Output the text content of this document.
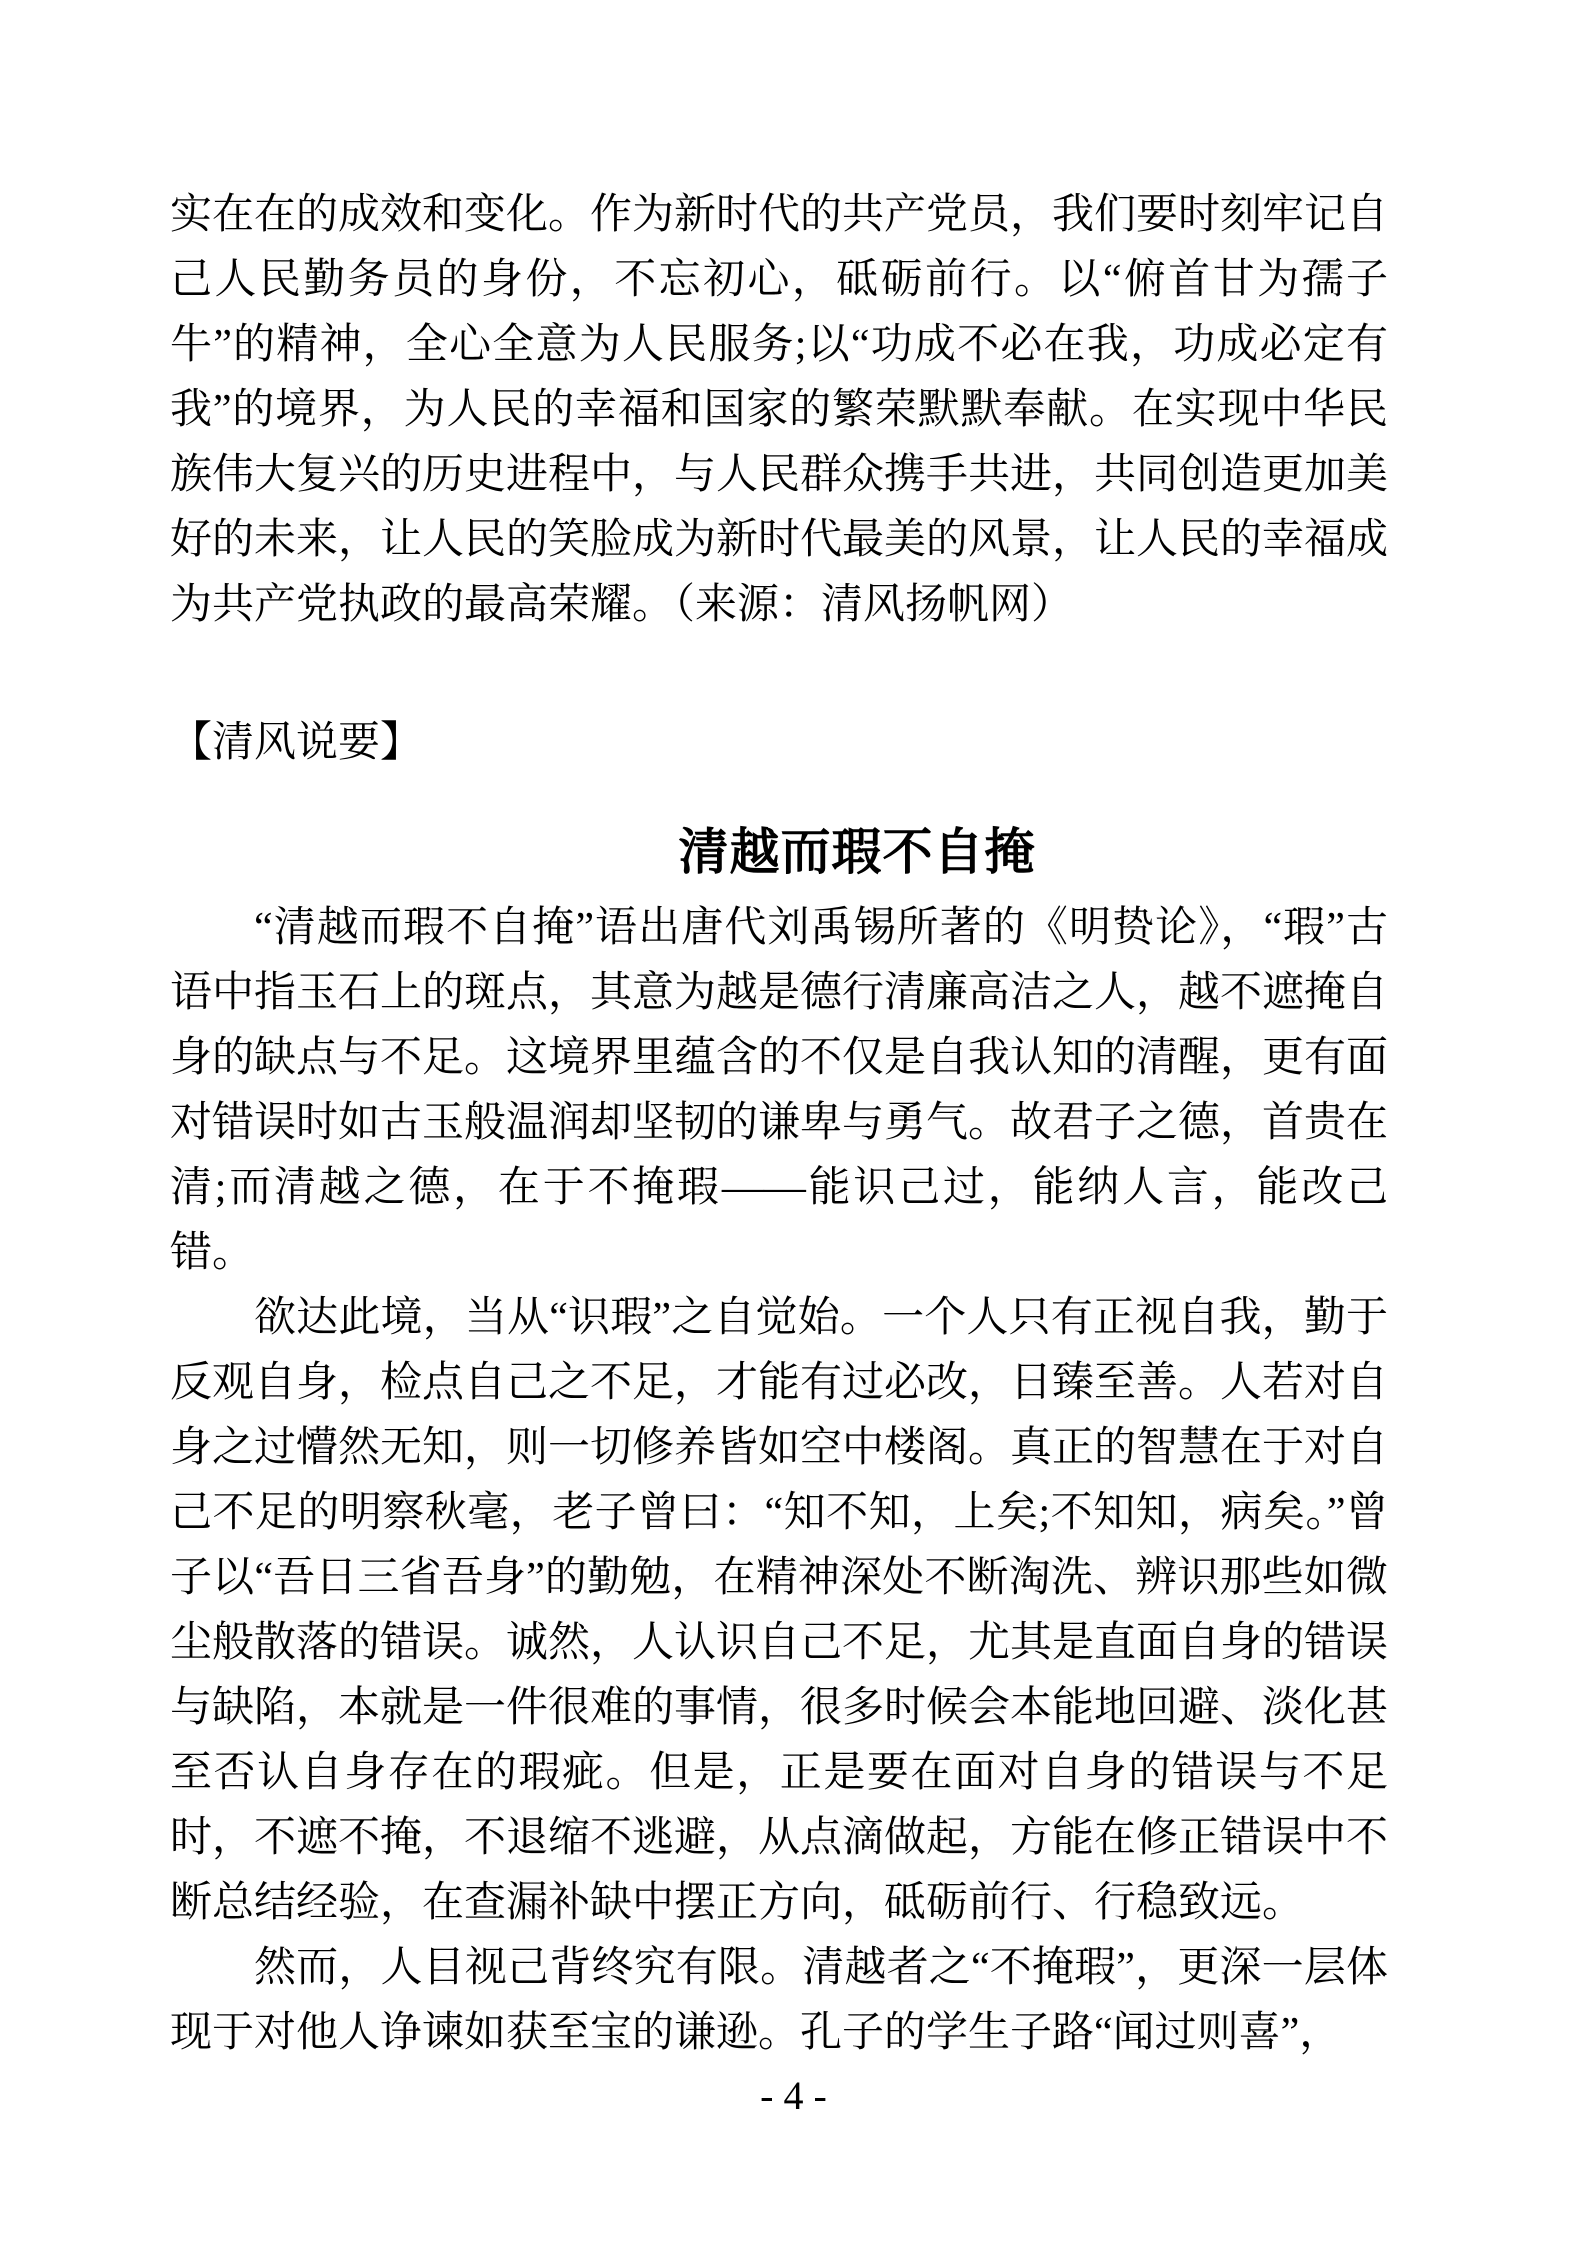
实在在的成效和变化。作为新时代的共产党员，我们要时刻牢记自己人民勤务员的身份，不忘初心，砥砺前行。以“俯首甘为孺子牛”的精神，全心全意为人民服务;以“功成不必在我，功成必定有我”的境界，为人民的幸福和国家的繁荣默默奉献。在实现中华民族伟大复兴的历史进程中，与人民群众携手共进，共同创造更加美好的未来，让人民的笑脸成为新时代最美的风景，让人民的幸福成为共产党执政的最高荣耀。（来源：清风扬帆网）

【清风说要】

清越而瑕不自掩

“清越而瑕不自掩”语出唐代刘禹锡所著的《明贽论》，“瑕”古语中指玉石上的斑点，其意为越是德行清廉高洁之人，越不遮掩自身的缺点与不足。这境界里蕴含的不仅是自我认知的清醒，更有面对错误时如古玉般温润却坚韧的谦卑与勇气。故君子之德，首贵在清;而清越之德，在于不掩瑕——能识己过，能纳人言，能改己错。

欲达此境，当从“识瑕”之自觉始。一个人只有正视自我，勤于反观自身，检点自己之不足，才能有过必改，日臻至善。人若对自身之过懵然无知，则一切修养皆如空中楼阁。真正的智慧在于对自己不足的明察秋毫，老子曾曰：“知不知，上矣;不知知，病矣。”曾子以“吾日三省吾身”的勤勉，在精神深处不断淘洗、辨识那些如微尘般散落的错误。诚然，人认识自己不足，尤其是直面自身的错误与缺陷，本就是一件很难的事情，很多时候会本能地回避、淡化甚至否认自身存在的瑕疵。但是，正是要在面对自身的错误与不足时，不遮不掩，不退缩不逃避，从点滴做起，方能在修正错误中不断总结经验，在查漏补缺中摆正方向，砥砺前行、行稳致远。

然而，人目视己背终究有限。清越者之“不掩瑕”，更深一层体现于对他人诤谏如获至宝的谦逊。孔子的学生子路“闻过则喜”，

- 4 -
